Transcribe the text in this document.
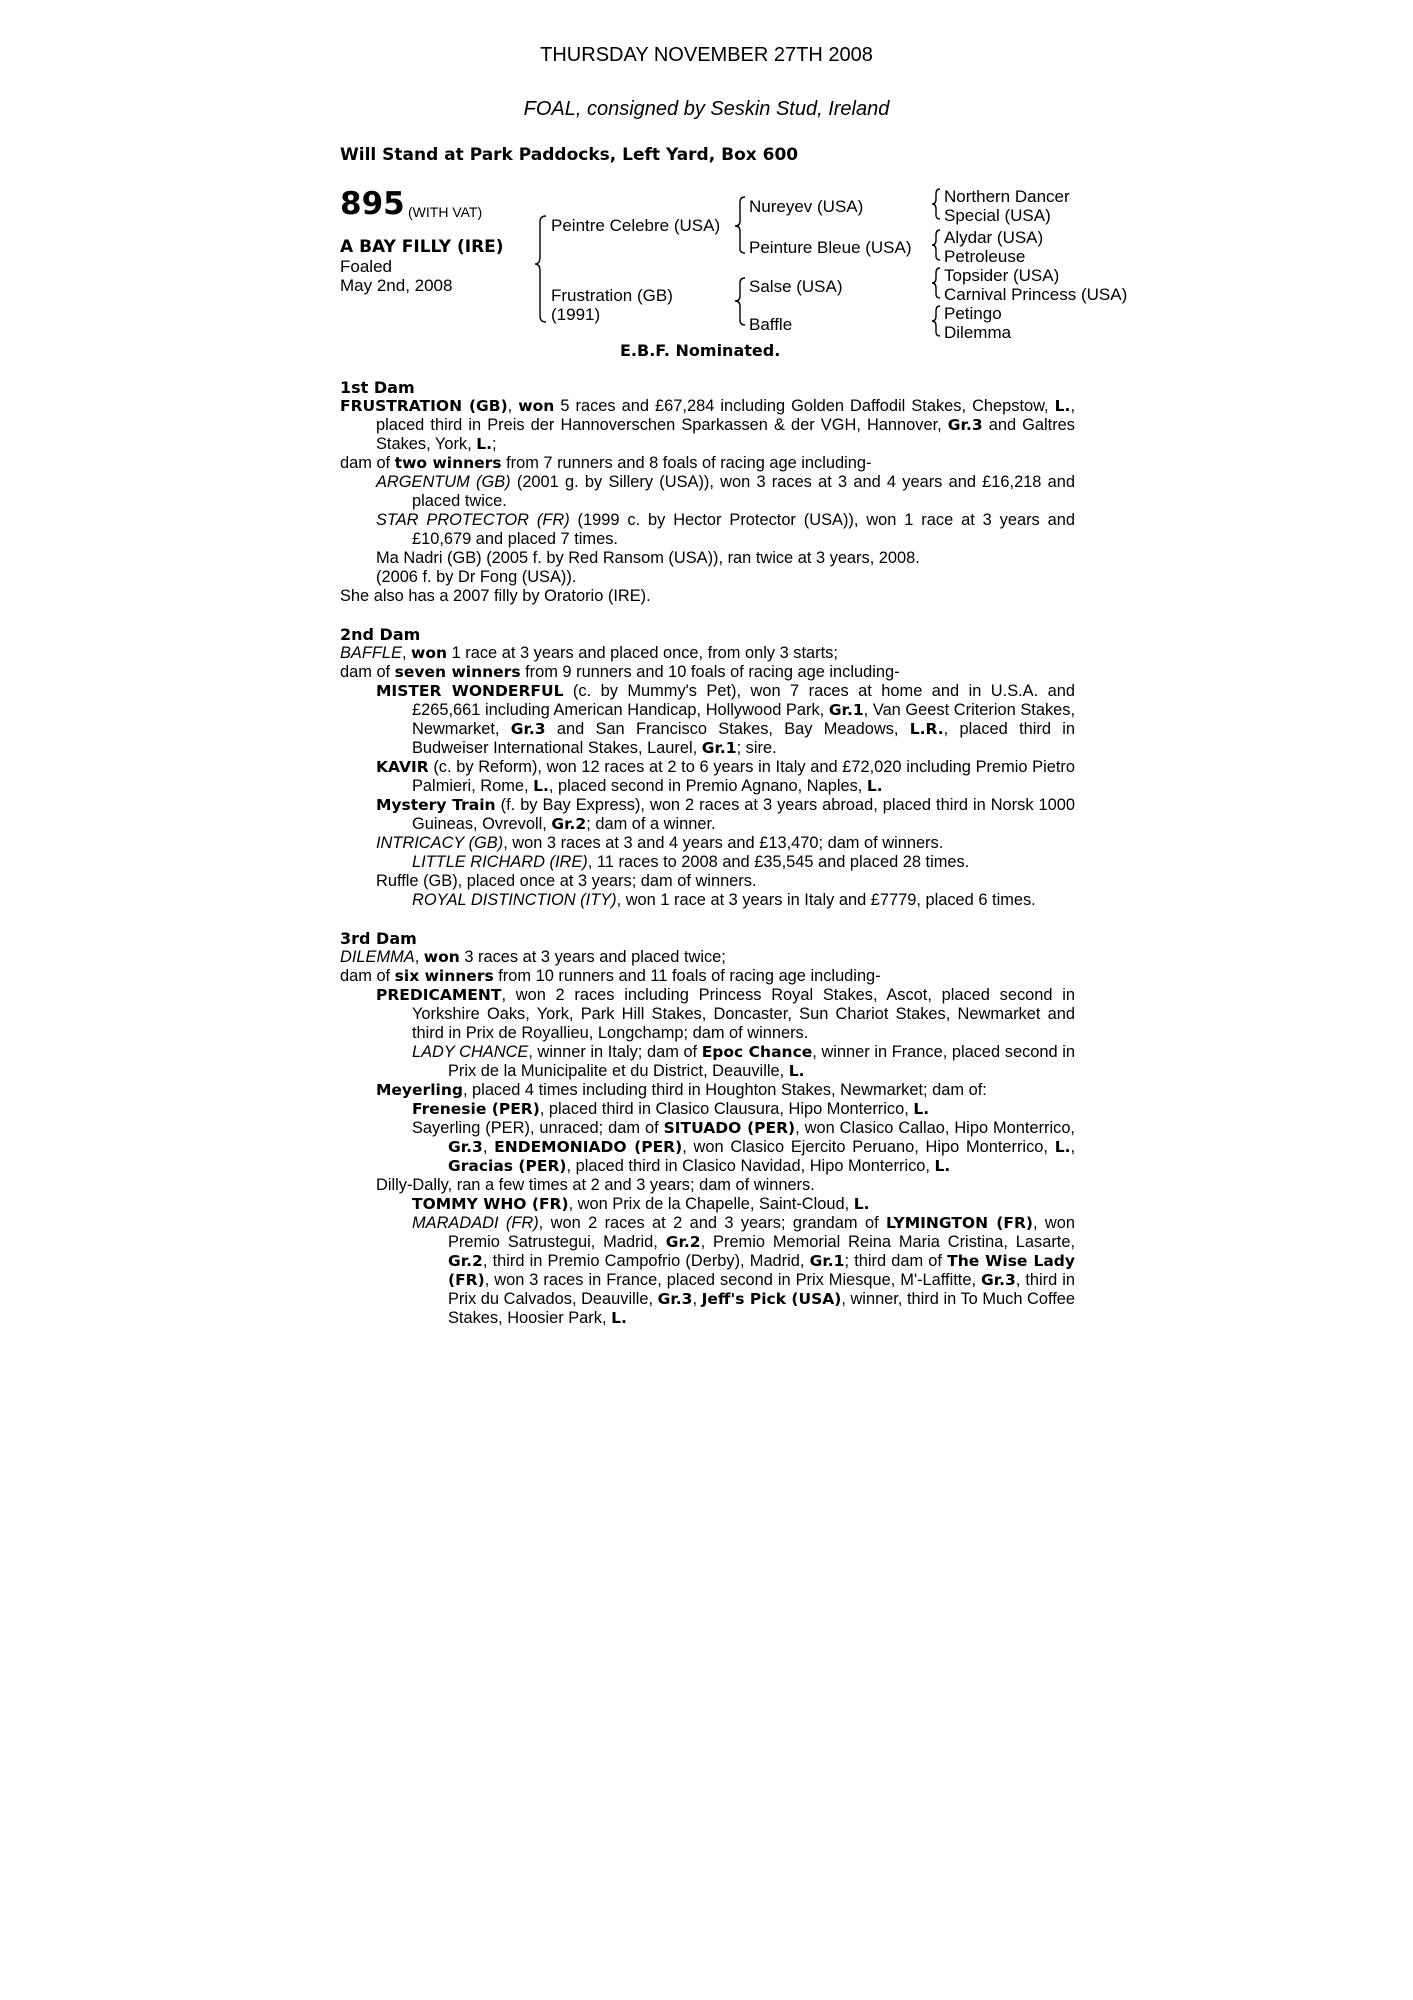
THURSDAY NOVEMBER 27TH 2008
FOAL, consigned by Seskin Stud, Ireland
Will Stand at Park Paddocks, Left Yard, Box 600
895 (WITH VAT)
A BAY FILLY (IRE)
Foaled
May 2nd, 2008
Peintre Celebre (USA)
Frustration (GB)
(1991)
Nureyev (USA)
Peinture Bleue (USA)
Salse (USA)
Baffle
Northern Dancer
Special (USA)
Alydar (USA)
Petroleuse
Topsider (USA)
Carnival Princess (USA)
Petingo
Dilemma
E.B.F. Nominated.
1st Dam

FRUSTRATION (GB), won 5 races and £67,284 including Golden Daffodil Stakes, Chepstow, L., placed third in Preis der Hannoverschen Sparkassen & der VGH, Hannover, Gr.3 and Galtres Stakes, York, L.;

dam of two winners from 7 runners and 8 foals of racing age including-

ARGENTUM (GB) (2001 g. by Sillery (USA)), won 3 races at 3 and 4 years and £16,218 and placed twice.

STAR PROTECTOR (FR) (1999 c. by Hector Protector (USA)), won 1 race at 3 years and £10,679 and placed 7 times.

Ma Nadri (GB) (2005 f. by Red Ransom (USA)), ran twice at 3 years, 2008.

(2006 f. by Dr Fong (USA)).

She also has a 2007 filly by Oratorio (IRE).

2nd Dam

BAFFLE, won 1 race at 3 years and placed once, from only 3 starts;

dam of seven winners from 9 runners and 10 foals of racing age including-

MISTER WONDERFUL (c. by Mummy's Pet), won 7 races at home and in U.S.A. and £265,661 including American Handicap, Hollywood Park, Gr.1, Van Geest Criterion Stakes, Newmarket, Gr.3 and San Francisco Stakes, Bay Meadows, L.R., placed third in Budweiser International Stakes, Laurel, Gr.1; sire.

KAVIR (c. by Reform), won 12 races at 2 to 6 years in Italy and £72,020 including Premio Pietro Palmieri, Rome, L., placed second in Premio Agnano, Naples, L.

Mystery Train (f. by Bay Express), won 2 races at 3 years abroad, placed third in Norsk 1000 Guineas, Ovrevoll, Gr.2; dam of a winner.

INTRICACY (GB), won 3 races at 3 and 4 years and £13,470; dam of winners.

LITTLE RICHARD (IRE), 11 races to 2008 and £35,545 and placed 28 times.

Ruffle (GB), placed once at 3 years; dam of winners.

ROYAL DISTINCTION (ITY), won 1 race at 3 years in Italy and £7779, placed 6 times.

3rd Dam

DILEMMA, won 3 races at 3 years and placed twice;

dam of six winners from 10 runners and 11 foals of racing age including-

PREDICAMENT, won 2 races including Princess Royal Stakes, Ascot, placed second in Yorkshire Oaks, York, Park Hill Stakes, Doncaster, Sun Chariot Stakes, Newmarket and third in Prix de Royallieu, Longchamp; dam of winners.

LADY CHANCE, winner in Italy; dam of Epoc Chance, winner in France, placed second in Prix de la Municipalite et du District, Deauville, L.

Meyerling, placed 4 times including third in Houghton Stakes, Newmarket; dam of:

Frenesie (PER), placed third in Clasico Clausura, Hipo Monterrico, L.

Sayerling (PER), unraced; dam of SITUADO (PER), won Clasico Callao, Hipo Monterrico, Gr.3, ENDEMONIADO (PER), won Clasico Ejercito Peruano, Hipo Monterrico, L., Gracias (PER), placed third in Clasico Navidad, Hipo Monterrico, L.

Dilly-Dally, ran a few times at 2 and 3 years; dam of winners.

TOMMY WHO (FR), won Prix de la Chapelle, Saint-Cloud, L.

MARADADI (FR), won 2 races at 2 and 3 years; grandam of LYMINGTON (FR), won Premio Satrustegui, Madrid, Gr.2, Premio Memorial Reina Maria Cristina, Lasarte, Gr.2, third in Premio Campofrio (Derby), Madrid, Gr.1; third dam of The Wise Lady (FR), won 3 races in France, placed second in Prix Miesque, M'-Laffitte, Gr.3, third in Prix du Calvados, Deauville, Gr.3, Jeff's Pick (USA), winner, third in To Much Coffee Stakes, Hoosier Park, L.
